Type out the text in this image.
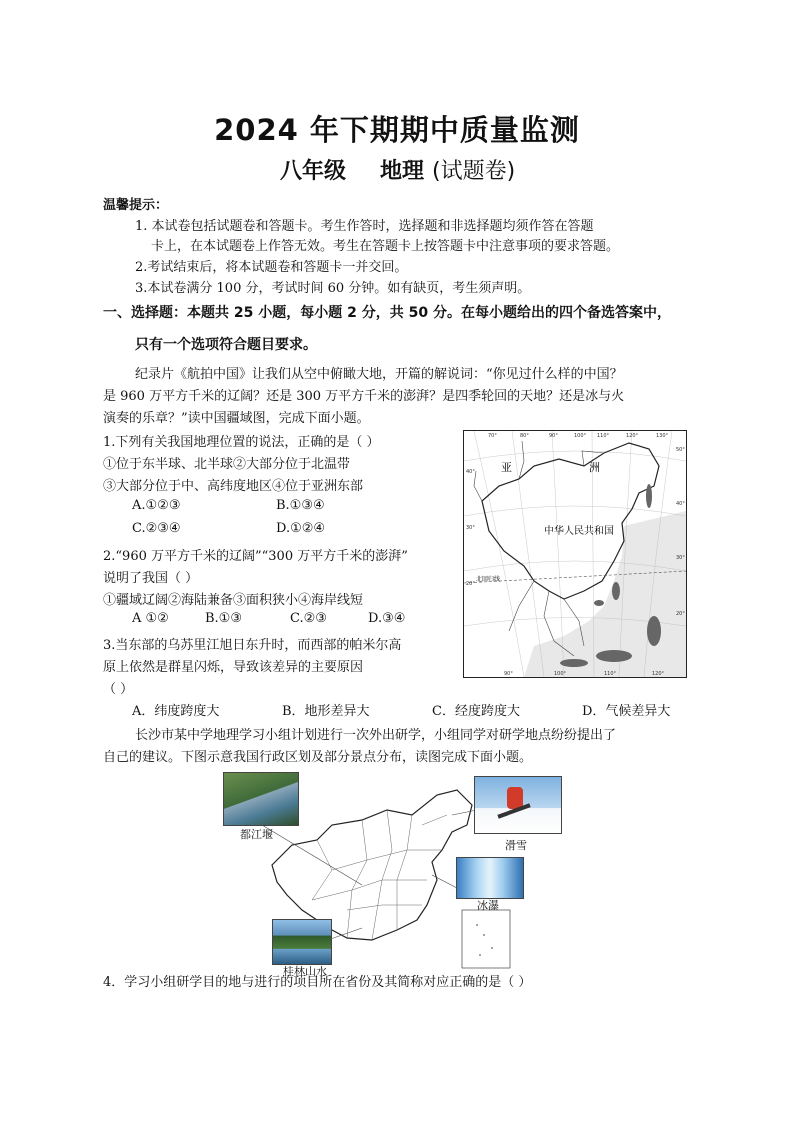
2024 年下期期中质量监测
八年级 地理 (试题卷)
温馨提示：
1. 本试卷包括试题卷和答题卡。考生作答时，选择题和非选择题均须作答在答题
卡上，在本试题卷上作答无效。考生在答题卡上按答题卡中注意事项的要求答题。
2.考试结束后，将本试题卷和答题卡一并交回。
3.本试卷满分 100 分，考试时间 60 分钟。如有缺页，考生须声明。
一、选择题：本题共 25 小题，每小题 2 分，共 50 分。在每小题给出的四个备选答案中，
只有一个选项符合题目要求。
纪录片《航拍中国》让我们从空中俯瞰大地，开篇的解说词：“你见过什么样的中国？
是 960 万平方千米的辽阔？还是 300 万平方千米的澎湃？是四季轮回的天地？还是冰与火
演奏的乐章？”读中国疆域图，完成下面小题。
1.下列有关我国地理位置的说法，正确的是（ ）
①位于东半球、北半球②大部分位于北温带
③大部分位于中、高纬度地区④位于亚洲东部
A.①②③	B.①③④
C.②③④	D.①②④
2.“960 万平方千米的辽阔”“300 万平方千米的澎湃”
说明了我国（ ）
①疆域辽阔②海陆兼备③面积狭小④海岸线短
A ①②	B.①③	C.②③	D.③④
3.当东部的乌苏里江旭日东升时，而西部的帕米尔高
原上依然是群星闪烁，导致该差异的主要原因
（ ）
A．纬度跨度大	B．地形差异大	C．经度跨度大	D．气候差异大
长沙市某中学地理学习小组计划进行一次外出研学，小组同学对研学地点纷纷提出了
自己的建议。下图示意我国行政区划及部分景点分布，读图完成下面小题。
亚	洲
中华人民共和国
北回归线
70°	80°	90°	100° 110°	120°	130°
90°	100°	110°	120°
40°
30°
20°
50°
40°
30°
20°
都江堰
滑雪
冰瀑
桂林山水
4．学习小组研学目的地与进行的项目所在省份及其简称对应正确的是（ ）
